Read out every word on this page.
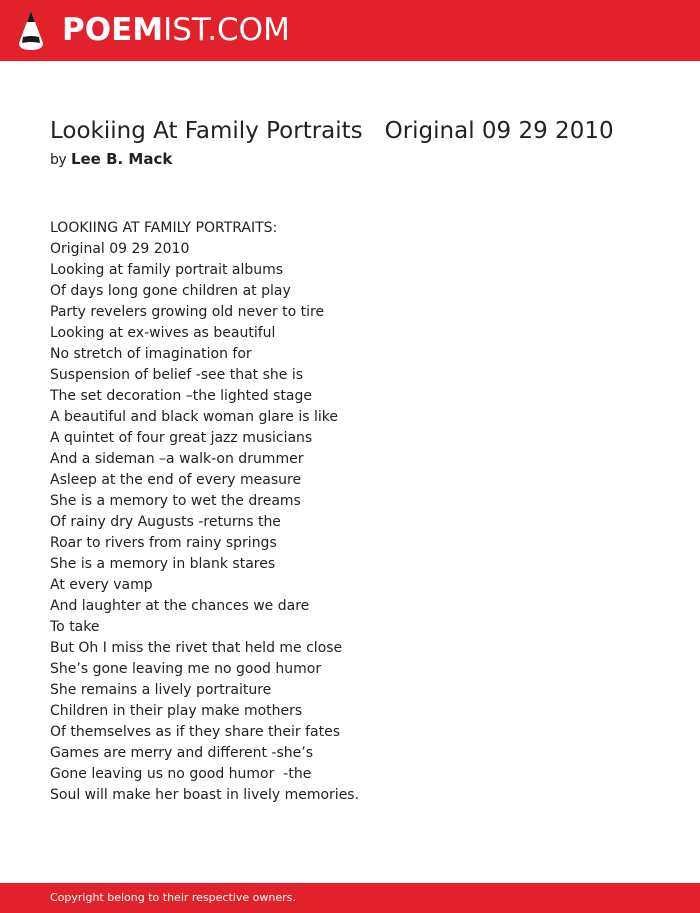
POEMIST.COM
Lookiing At Family Portraits   Original 09 29 2010
by Lee B. Mack
LOOKIING AT FAMILY PORTRAITS:
Original 09 29 2010
Looking at family portrait albums
Of days long gone children at play
Party revelers growing old never to tire
Looking at ex-wives as beautiful
No stretch of imagination for
Suspension of belief -see that she is
The set decoration –the lighted stage
A beautiful and black woman glare is like
A quintet of four great jazz musicians
And a sideman –a walk-on drummer
Asleep at the end of every measure
She is a memory to wet the dreams
Of rainy dry Augusts -returns the
Roar to rivers from rainy springs
She is a memory in blank stares
At every vamp
And laughter at the chances we dare
To take
But Oh I miss the rivet that held me close
She’s gone leaving me no good humor
She remains a lively portraiture
Children in their play make mothers
Of themselves as if they share their fates
Games are merry and different -she’s
Gone leaving us no good humor  -the
Soul will make her boast in lively memories.
Copyright belong to their respective owners.
